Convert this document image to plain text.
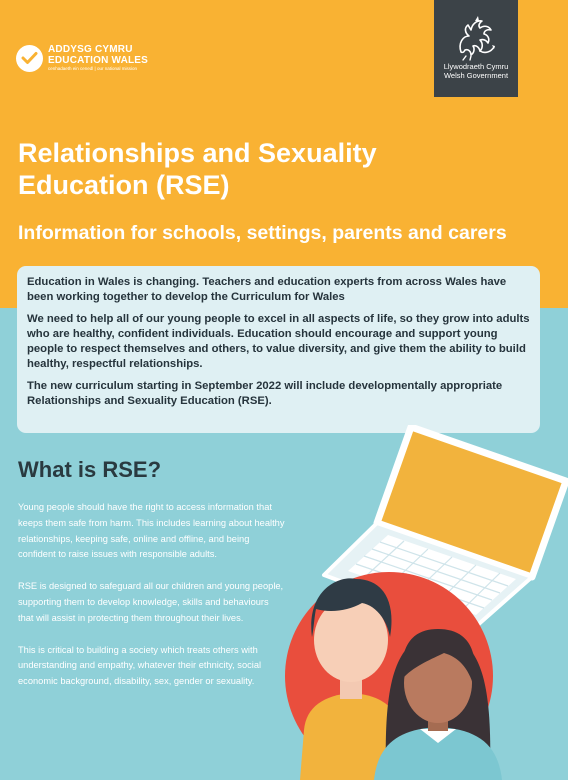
ADDYSG CYMRU
EDUCATION WALES
cenhadaeth ein cenedl | our national mission	Llywodraeth Cymru
Welsh Government
Relationships and Sexuality Education (RSE)
Information for schools, settings, parents and carers

Education in Wales is changing. Teachers and education experts from across Wales have been working together to develop the Curriculum for Wales

We need to help all of our young people to excel in all aspects of life, so they grow into adults who are healthy, confident individuals. Education should encourage and support young people to respect themselves and others, to value diversity, and give them the ability to build healthy, respectful relationships.

The new curriculum starting in September 2022 will include developmentally appropriate Relationships and Sexuality Education (RSE).

What is RSE?

Young people should have the right to access information that keeps them safe from harm. This includes learning about healthy relationships, keeping safe, online and offline, and being confident to raise issues with responsible adults.

RSE is designed to safeguard all our children and young people, supporting them to develop knowledge, skills and behaviours that will assist in protecting them throughout their lives.

This is critical to building a society which treats others with understanding and empathy, whatever their ethnicity, social economic background, disability, sex, gender or sexuality.
